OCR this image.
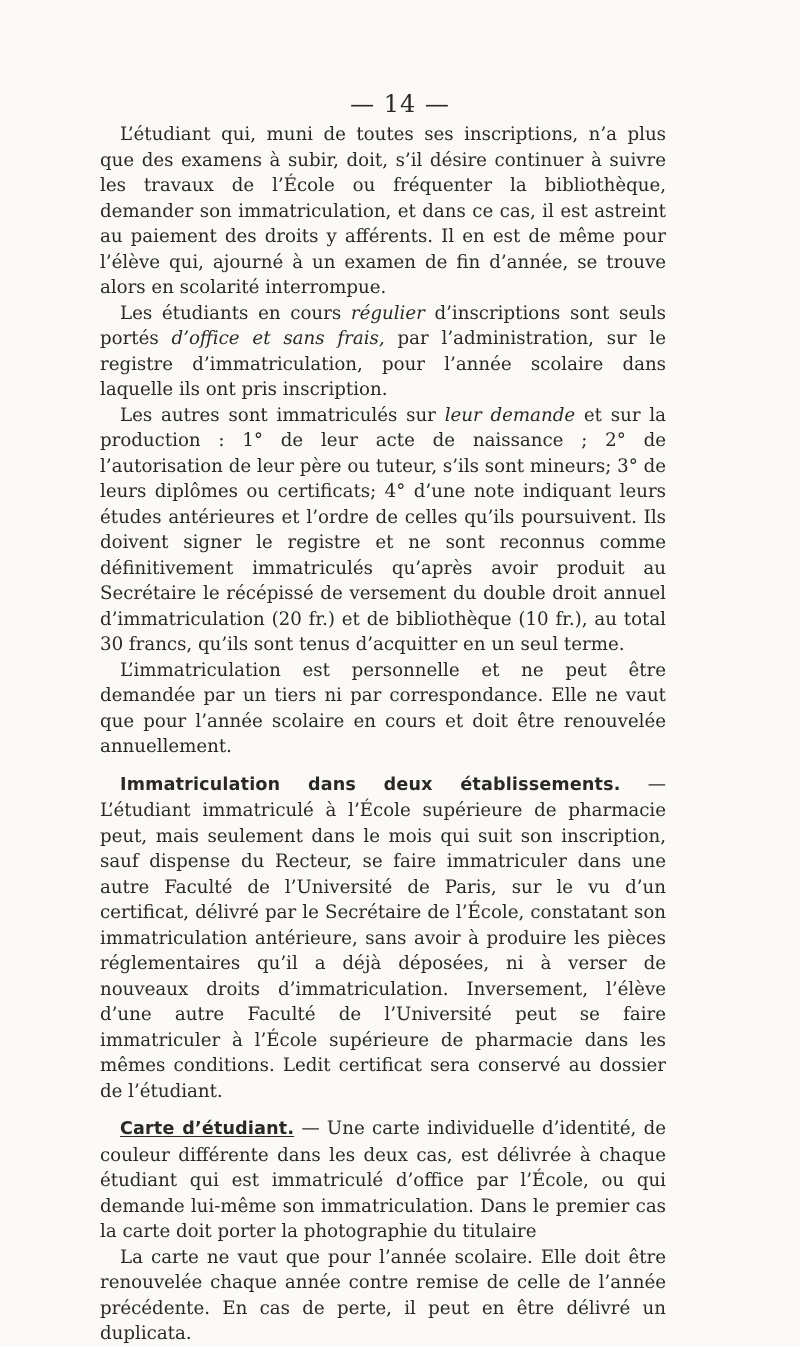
— 14 —

L’étudiant qui, muni de toutes ses inscriptions, n’a plus que des examens à subir, doit, s’il désire continuer à suivre les travaux de l’École ou fréquenter la bibliothèque, demander son immatriculation, et dans ce cas, il est astreint au paiement des droits y afférents. Il en est de même pour l’élève qui, ajourné à un examen de fin d’année, se trouve alors en scolarité interrompue.

Les étudiants en cours régulier d’inscriptions sont seuls portés d’office et sans frais, par l’administration, sur le registre d’immatriculation, pour l’année scolaire dans laquelle ils ont pris inscription.

Les autres sont immatriculés sur leur demande et sur la production : 1° de leur acte de naissance ; 2° de l’autorisation de leur père ou tuteur, s’ils sont mineurs; 3° de leurs diplômes ou certificats; 4° d’une note indiquant leurs études antérieures et l’ordre de celles qu’ils poursuivent. Ils doivent signer le registre et ne sont reconnus comme définitivement immatriculés qu’après avoir produit au Secrétaire le récépissé de versement du double droit annuel d’immatriculation (20 fr.) et de bibliothèque (10 fr.), au total 30 francs, qu’ils sont tenus d’acquitter en un seul terme.

L’immatriculation est personnelle et ne peut être demandée par un tiers ni par correspondance. Elle ne vaut que pour l’année scolaire en cours et doit être renouvelée annuellement.

Immatriculation dans deux établissements. — L’étudiant immatriculé à l’École supérieure de pharmacie peut, mais seulement dans le mois qui suit son inscription, sauf dispense du Recteur, se faire immatriculer dans une autre Faculté de l’Université de Paris, sur le vu d’un certificat, délivré par le Secrétaire de l’École, constatant son immatriculation antérieure, sans avoir à produire les pièces réglementaires qu’il a déjà déposées, ni à verser de nouveaux droits d’immatriculation. Inversement, l’élève d’une autre Faculté de l’Université peut se faire immatriculer à l’École supérieure de pharmacie dans les mêmes conditions. Ledit certificat sera conservé au dossier de l’étudiant.

Carte d’étudiant. — Une carte individuelle d’identité, de couleur différente dans les deux cas, est délivrée à chaque étudiant qui est immatriculé d’office par l’École, ou qui demande lui-même son immatriculation. Dans le premier cas la carte doit porter la photographie du titulaire

La carte ne vaut que pour l’année scolaire. Elle doit être renouvelée chaque année contre remise de celle de l’année précédente. En cas de perte, il peut en être délivré un duplicata.
